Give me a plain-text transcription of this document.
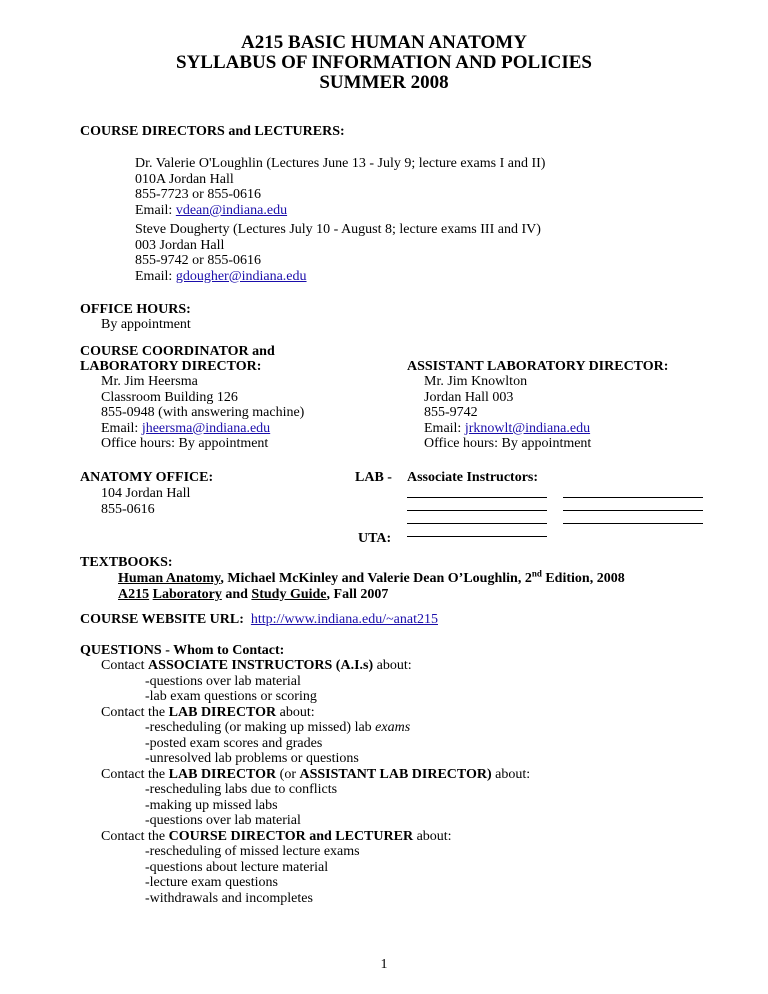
A215 BASIC HUMAN ANATOMY
SYLLABUS OF INFORMATION AND POLICIES
SUMMER 2008
COURSE DIRECTORS and LECTURERS:
Dr. Valerie O'Loughlin (Lectures June 13 - July 9; lecture exams I and II)
010A Jordan Hall
855-7723 or 855-0616
Email: vdean@indiana.edu
Steve Dougherty (Lectures July 10 - August 8; lecture exams III and IV)
003 Jordan Hall
855-9742 or 855-0616
Email: gdougher@indiana.edu
OFFICE HOURS:
By appointment
COURSE COORDINATOR and
LABORATORY DIRECTOR:
Mr. Jim Heersma
Classroom Building 126
855-0948 (with answering machine)
Email: jheersma@indiana.edu
Office hours: By appointment
ASSISTANT LABORATORY DIRECTOR:
Mr. Jim Knowlton
Jordan Hall 003
855-9742
Email: jrknowlt@indiana.edu
Office hours: By appointment
ANATOMY OFFICE:
104 Jordan Hall
855-0616
LAB - Associate Instructors:
UTA:
TEXTBOOKS:
Human Anatomy, Michael McKinley and Valerie Dean O’Loughlin, 2nd Edition, 2008
A215 Laboratory and Study Guide, Fall 2007
COURSE WEBSITE URL: http://www.indiana.edu/~anat215
QUESTIONS - Whom to Contact:
Contact ASSOCIATE INSTRUCTORS (A.I.s) about:
-questions over lab material
-lab exam questions or scoring
Contact the LAB DIRECTOR about:
-rescheduling (or making up missed) lab exams
-posted exam scores and grades
-unresolved lab problems or questions
Contact the LAB DIRECTOR (or ASSISTANT LAB DIRECTOR) about:
-rescheduling labs due to conflicts
-making up missed labs
-questions over lab material
Contact the COURSE DIRECTOR and LECTURER about:
-rescheduling of missed lecture exams
-questions about lecture material
-lecture exam questions
-withdrawals and incompletes
1
